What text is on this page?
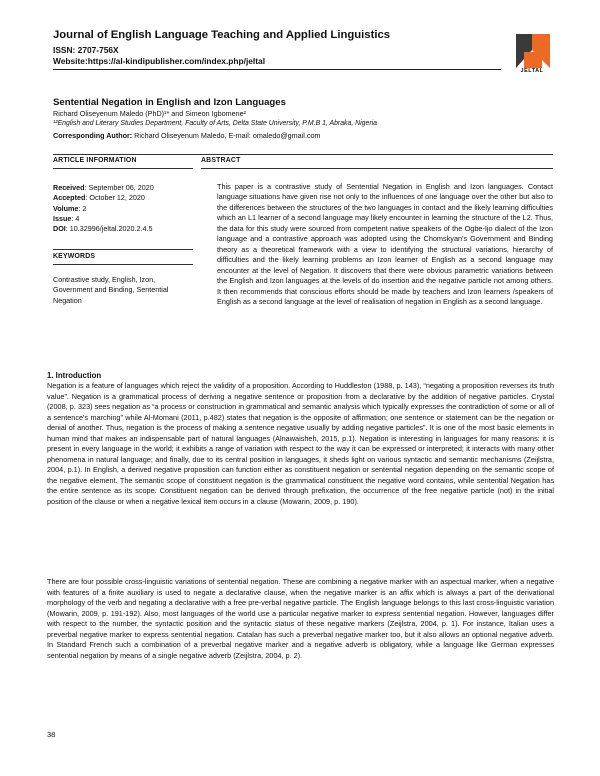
Journal of English Language Teaching and Applied Linguistics
ISSN: 2707-756X
Website:https://al-kindipublisher.com/index.php/jeltal
JELTAL
Sentential Negation in English and Izon Languages
Richard Oliseyenum Maledo (PhD)¹* and Simeon Igbomene²
¹²English and Literary Studies Department, Faculty of Arts, Delta State University, P.M.B 1, Abraka, Nigeria
Corresponding Author: Richard Oliseyenum Maledo, E-mail: omaledo@gmail.com
ARTICLE INFORMATION	ABSTRACT
Received: September 06, 2020
Accepted: October 12, 2020
Volume: 2
Issue: 4
DOI: 10.32996/jeltal.2020.2.4.5
KEYWORDS
Contrastive study, English, Izon, Government and Binding, Sentential Negation
This paper is a contrastive study of Sentential Negation in English and Izon languages. Contact language situations have given rise not only to the influences of one language over the other but also to the differences between the structures of the two languages in contact and the likely learning difficulties which an L1 learner of a second language may likely encounter in learning the structure of the L2. Thus, the data for this study were sourced from competent native speakers of the Ogbe-Ijo dialect of the Izon language and a contrastive approach was adopted using the Chomskyan's Government and Binding theory as a theoretical framework with a view to identifying the structural variations, hierarchy of difficulties and the likely learning problems an Izon learner of English as a second language may encounter at the level of Negation. It discovers that there were obvious parametric variations between the English and Izon languages at the levels of do insertion and the negative particle not among others. It then recommends that conscious efforts should be made by teachers and Izon learners /speakers of English as a second language at the level of realisation of negation in English as a second language.
1. Introduction
Negation is a feature of languages which reject the validity of a proposition. According to Huddleston (1988, p. 143), “negating a proposition reverses its truth value”. Negation is a grammatical process of deriving a negative sentence or proposition from a declarative by the addition of negative particles. Crystal (2008, p. 323) sees negation as “a process or construction in grammatical and semantic analysis which typically expresses the contradiction of some or all of a sentence's marching” while Al-Momani (2011, p.482) states that negation is the opposite of affirmation; one sentence or statement can be the negation or denial of another. Thus, negation is the process of making a sentence negative usually by adding negative particles”. It is one of the most basic elements in human mind that makes an indispensable part of natural languages (Alnawaisheh, 2015, p.1). Negation is interesting in languages for many reasons: it is present in every language in the world; it exhibits a range of variation with respect to the way it can be expressed or interpreted; it interacts with many other phenomena in natural language; and finally, due to its central position in languages, it sheds light on various syntactic and semantic mechanisms (Zeijlstra, 2004, p.1). In English, a derived negative proposition can function either as constituent negation or sentential negation depending on the semantic scope of the negative element. The semantic scope of constituent negation is the grammatical constituent the negative word contains, while sentential Negation has the entire sentence as its scope. Constituent negation can be derived through prefixation, the occurrence of the free negative particle (not) in the initial position of the clause or when a negative lexical item occurs in a clause (Mowarin, 2009, p. 190).
There are four possible cross-linguistic variations of sentential negation. These are combining a negative marker with an aspectual marker, when a negative with features of a finite auxiliary is used to negate a declarative clause, when the negative marker is an affix which is always a part of the derivational morphology of the verb and negating a declarative with a free pre-verbal negative particle. The English language belongs to this last cross-linguistic variation (Mowarin, 2009, p. 191-192). Also, most languages of the world use a particular negative marker to express sentential negation. However, languages differ with respect to the number, the syntactic position and the syntactic status of these negative markers (Zeijlstra, 2004, p. 1). For instance, Italian uses a preverbal negative marker to express sentential negation. Catalan has such a preverbal negative marker too, but it also allows an optional negative adverb. In Standard French such a combination of a preverbal negative marker and a negative adverb is obligatory, while a language like German expresses sentential negation by means of a single negative adverb (Zeijlstra, 2004, p. 2).
38
